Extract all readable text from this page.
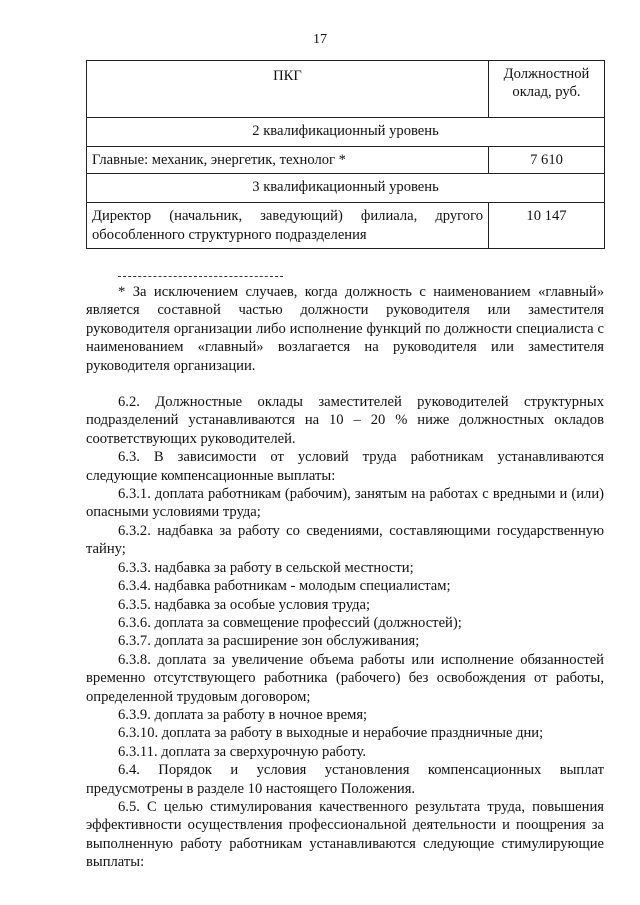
17
ПКГ	Должностной оклад, руб.
2 квалификационный уровень	
Главные: механик, энергетик, технолог *	7 610
3 квалификационный уровень	
Директор (начальник, заведующий) филиала, другого обособленного структурного подразделения	10 147

* За исключением случаев, когда должность с наименованием «главный» является составной частью должности руководителя или заместителя руководителя организации либо исполнение функций по должности специалиста с наименованием «главный» возлагается на руководителя или заместителя руководителя организации.

6.2. Должностные оклады заместителей руководителей структурных подразделений устанавливаются на 10 – 20 % ниже должностных окладов соответствующих руководителей.

6.3. В зависимости от условий труда работникам устанавливаются следующие компенсационные выплаты:

6.3.1. доплата работникам (рабочим), занятым на работах с вредными и (или) опасными условиями труда;

6.3.2. надбавка за работу со сведениями, составляющими государственную тайну;

6.3.3. надбавка за работу в сельской местности;

6.3.4. надбавка работникам - молодым специалистам;

6.3.5. надбавка за особые условия труда;

6.3.6. доплата за совмещение профессий (должностей);

6.3.7. доплата за расширение зон обслуживания;

6.3.8. доплата за увеличение объема работы или исполнение обязанностей временно отсутствующего работника (рабочего) без освобождения от работы, определенной трудовым договором;

6.3.9. доплата за работу в ночное время;

6.3.10. доплата за работу в выходные и нерабочие праздничные дни;

6.3.11. доплата за сверхурочную работу.

6.4. Порядок и условия установления компенсационных выплат предусмотрены в разделе 10 настоящего Положения.

6.5. С целью стимулирования качественного результата труда, повышения эффективности осуществления профессиональной деятельности и поощрения за выполненную работу работникам устанавливаются следующие стимулирующие выплаты:
